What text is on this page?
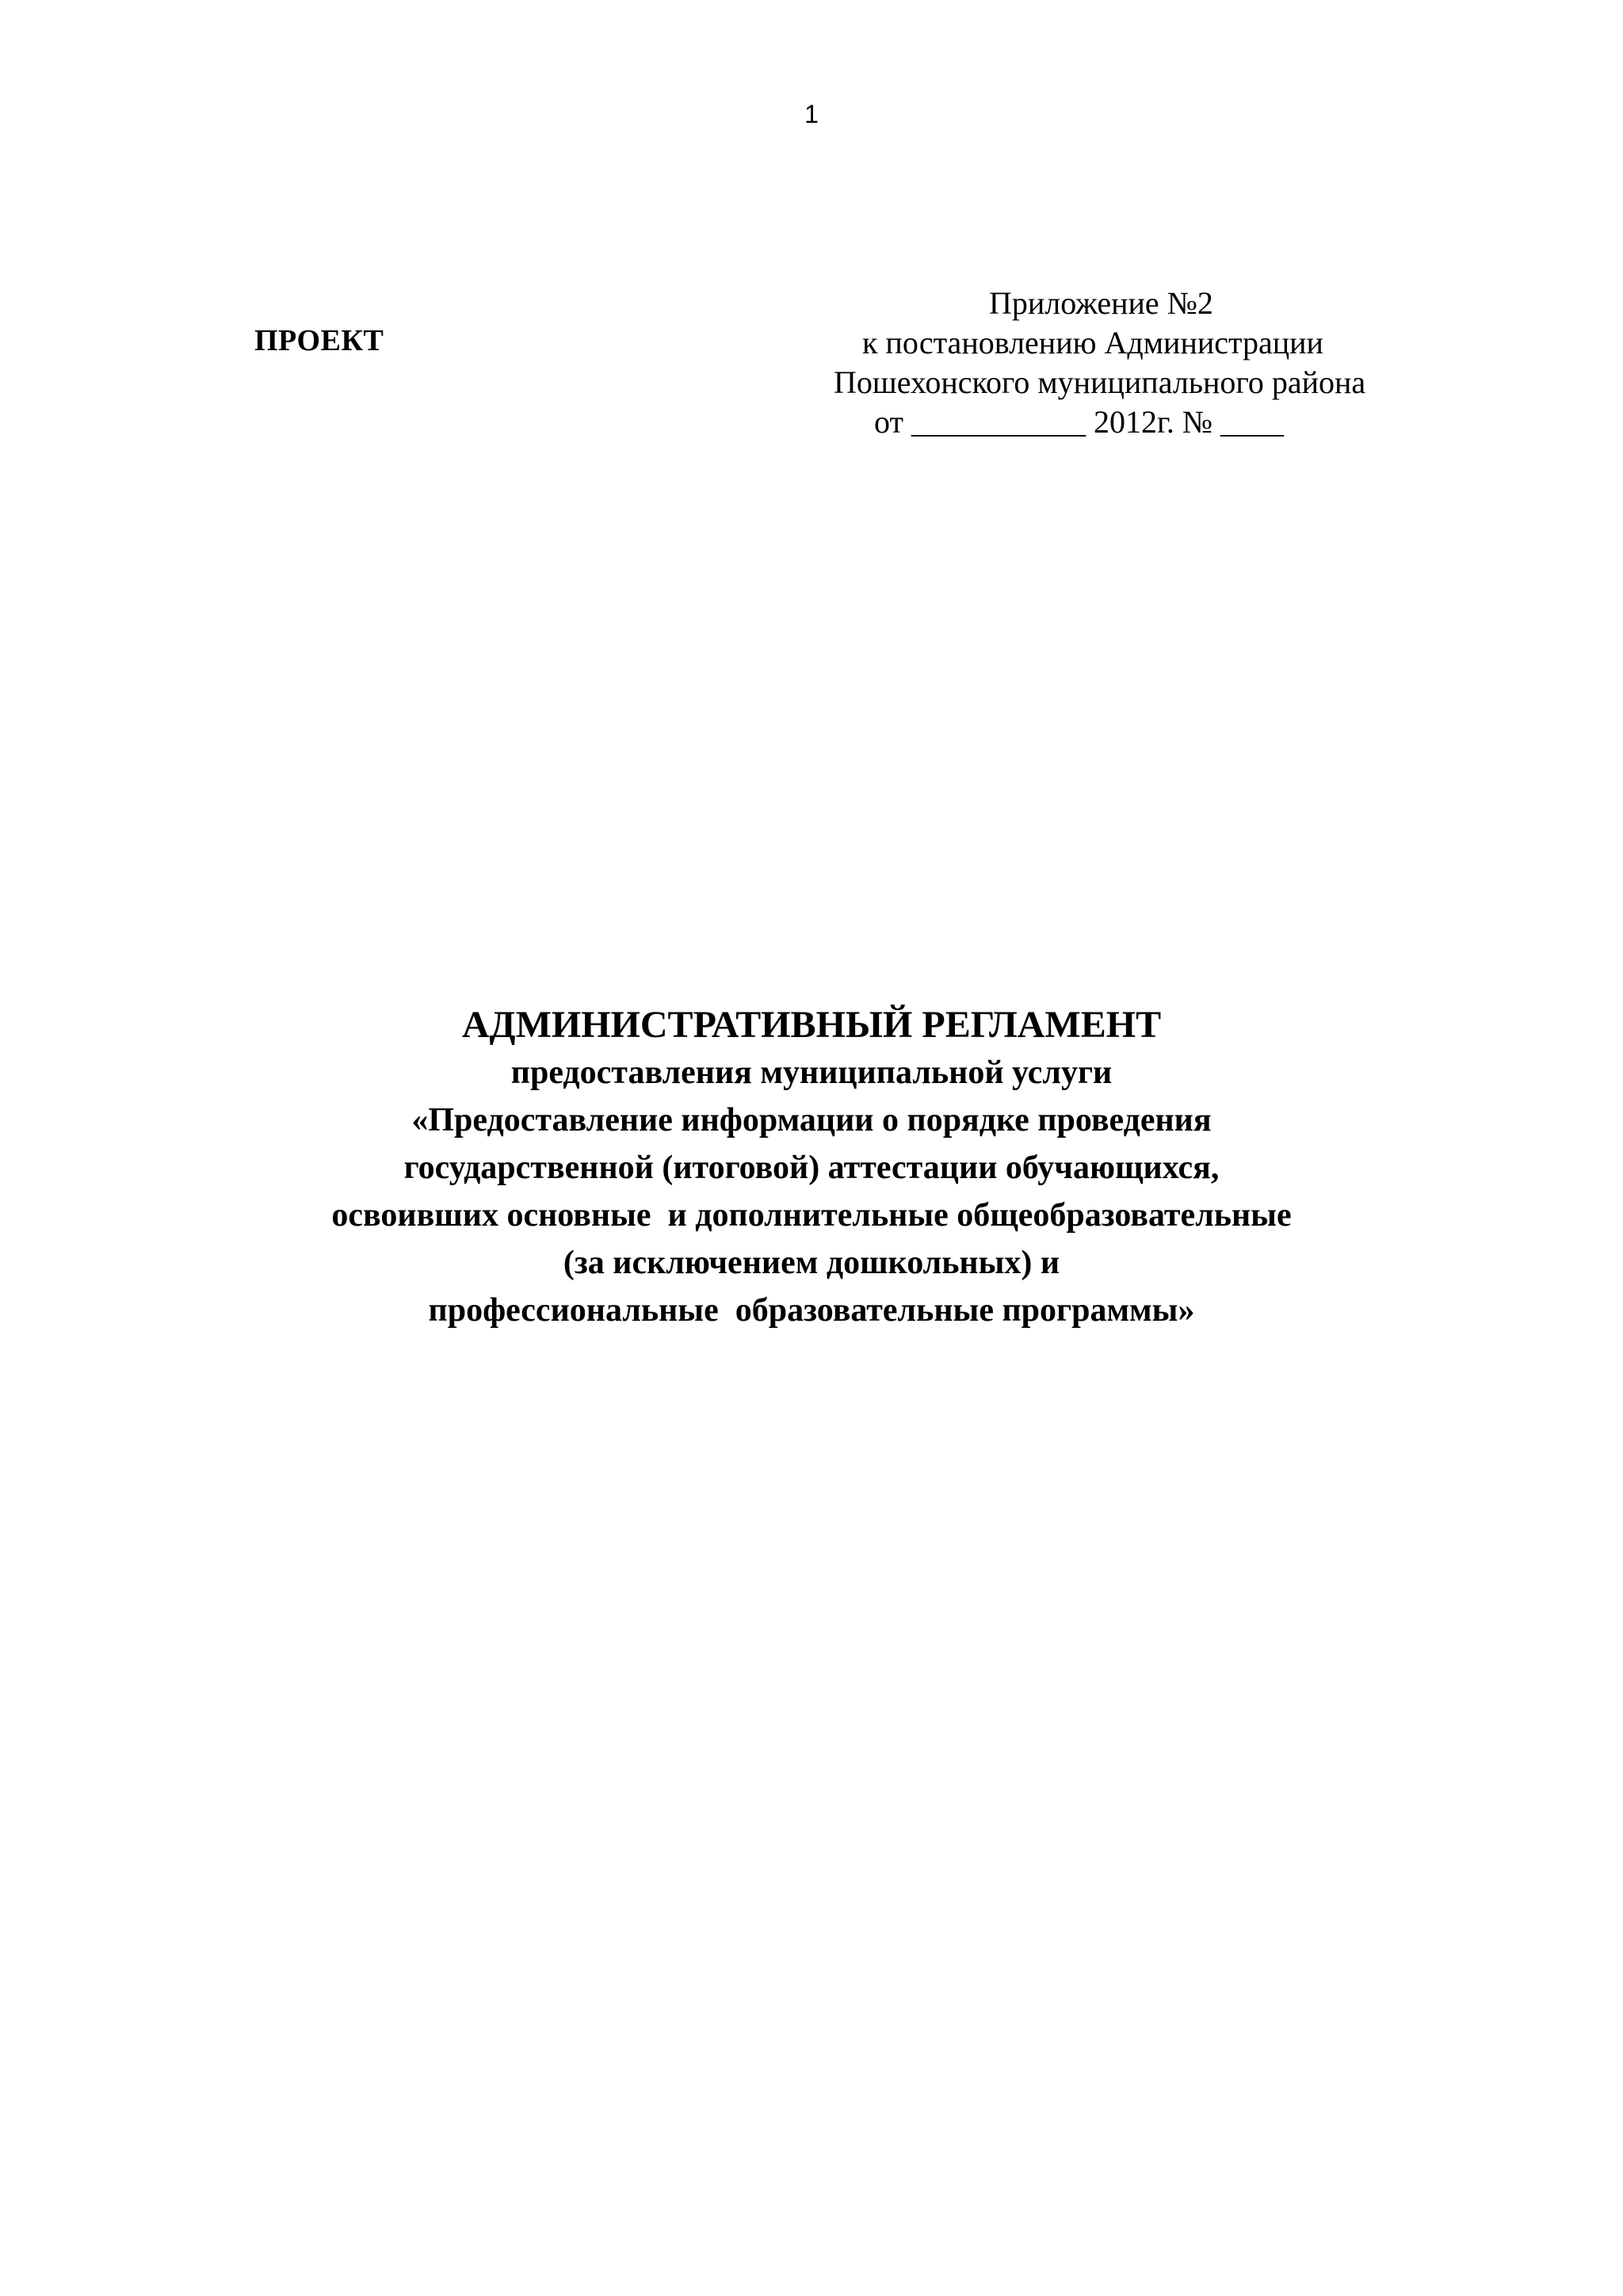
1
ПРОЕКТ
Приложение №2
к постановлению Администрации
Пошехонского муниципального района
от ___________ 2012г. № ____
АДМИНИСТРАТИВНЫЙ РЕГЛАМЕНТ
предоставления муниципальной услуги
«Предоставление информации о порядке проведения
государственной (итоговой) аттестации обучающихся,
освоивших основные  и дополнительные общеобразовательные
(за исключением дошкольных) и
профессиональные  образовательные программы»
